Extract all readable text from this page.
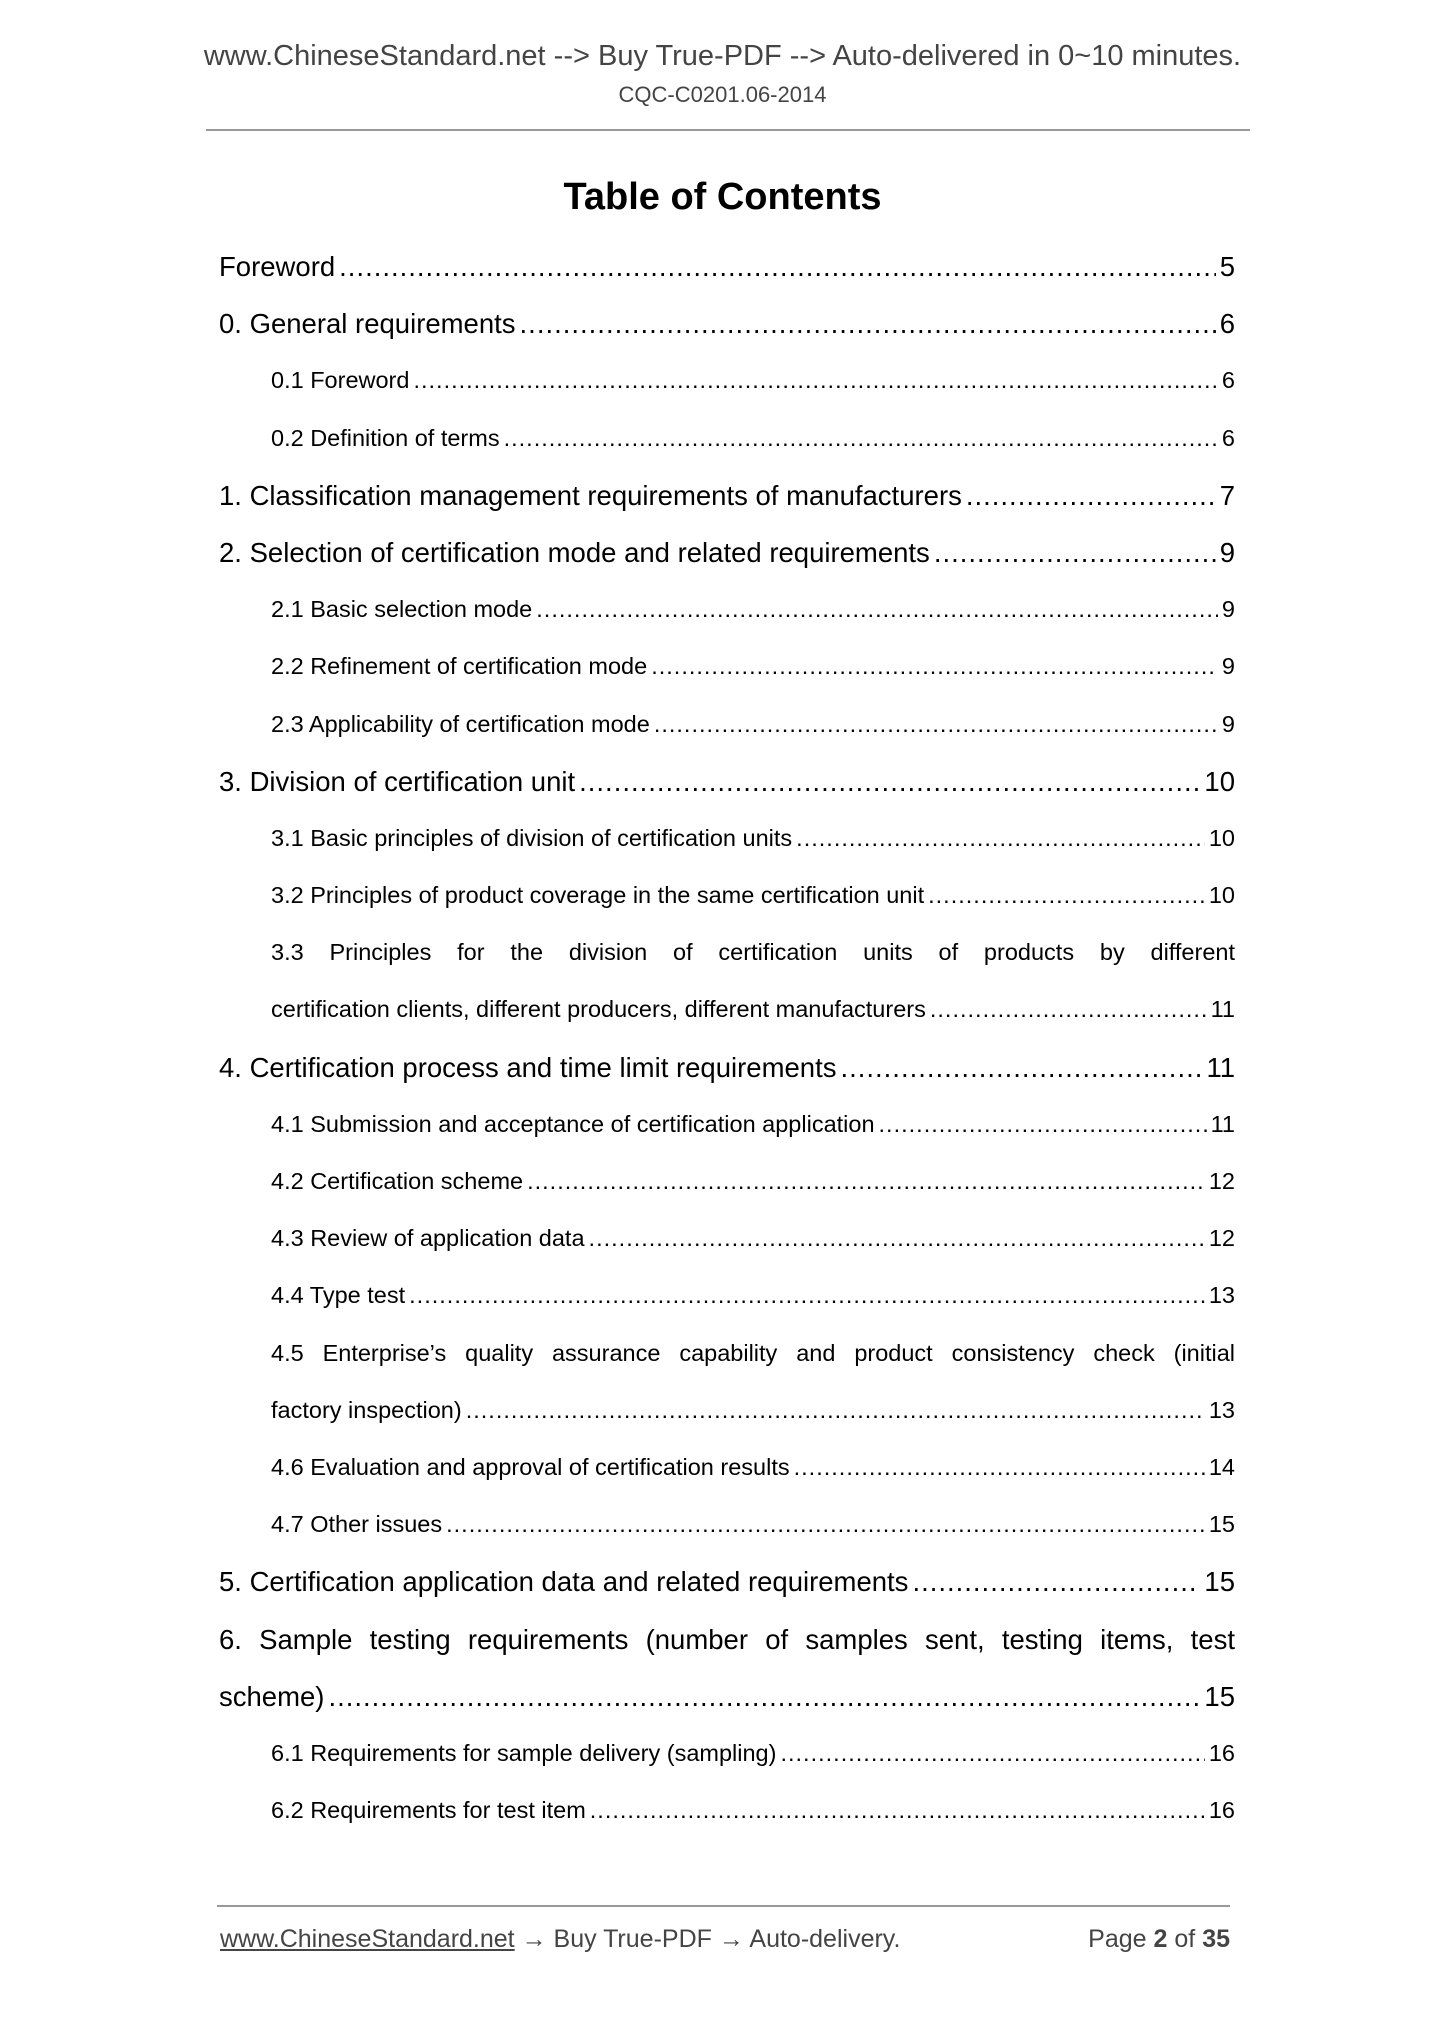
www.ChineseStandard.net --> Buy True-PDF --> Auto-delivered in 0~10 minutes.
CQC-C0201.06-2014
Table of Contents
Foreword .....	5
0. General requirements .....	6
0.1 Foreword .....	6
0.2 Definition of terms .....	6
1. Classification management requirements of manufacturers .....	7
2. Selection of certification mode and related requirements .....	9
2.1 Basic selection mode .....	9
2.2 Refinement of certification mode .....	9
2.3 Applicability of certification mode .....	9
3. Division of certification unit .....	10
3.1 Basic principles of division of certification units .....	10
3.2 Principles of product coverage in the same certification unit .....	10
3.3 Principles for the division of certification units of products by different
certification clients, different producers, different manufacturers .....	11
4. Certification process and time limit requirements .....	11
4.1 Submission and acceptance of certification application .....	11
4.2 Certification scheme .....	12
4.3 Review of application data .....	12
4.4 Type test .....	13
4.5 Enterprise’s quality assurance capability and product consistency check (initial
factory inspection) .....	13
4.6 Evaluation and approval of certification results .....	14
4.7 Other issues .....	15
5. Certification application data and related requirements .....	15
6. Sample testing requirements (number of samples sent, testing items, test
scheme) .....	15
6.1 Requirements for sample delivery (sampling) .....	16
6.2 Requirements for test item .....	16
www.ChineseStandard.net → Buy True-PDF → Auto-delivery.	Page 2 of 35
